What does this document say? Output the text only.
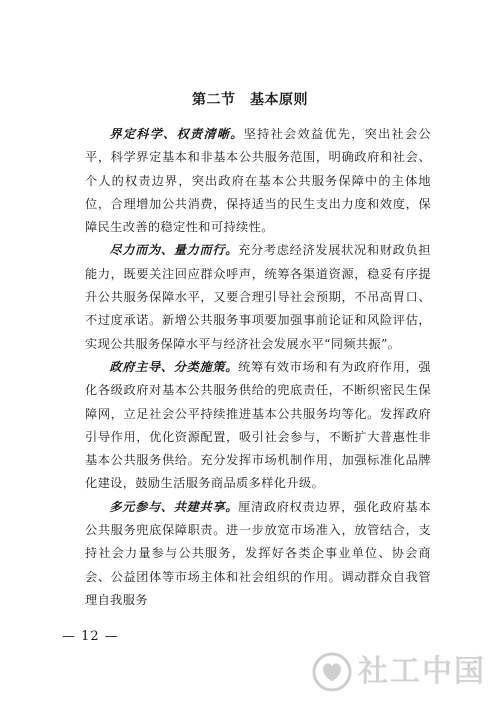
第二节　基本原则

界定科学、权责清晰。坚持社会效益优先，突出社会公平，科学界定基本和非基本公共服务范围，明确政府和社会、个人的权责边界，突出政府在基本公共服务保障中的主体地位，合理增加公共消费，保持适当的民生支出力度和效度，保障民生改善的稳定性和可持续性。

尽力而为、量力而行。充分考虑经济发展状况和财政负担能力，既要关注回应群众呼声，统筹各渠道资源，稳妥有序提升公共服务保障水平，又要合理引导社会预期，不吊高胃口、不过度承诺。新增公共服务事项要加强事前论证和风险评估，实现公共服务保障水平与经济社会发展水平“同频共振”。

政府主导、分类施策。统筹有效市场和有为政府作用，强化各级政府对基本公共服务供给的兜底责任，不断织密民生保障网，立足社会公平持续推进基本公共服务均等化。发挥政府引导作用，优化资源配置，吸引社会参与，不断扩大普惠性非基本公共服务供给。充分发挥市场机制作用，加强标准化品牌化建设，鼓励生活服务商品质多样化升级。

多元参与、共建共享。厘清政府权责边界，强化政府基本公共服务兜底保障职责。进一步放宽市场准入，放管结合，支持社会力量参与公共服务，发挥好各类企事业单位、协会商会、公益团体等市场主体和社会组织的作用。调动群众自我管理自我服务

— 12 —
社工中国
